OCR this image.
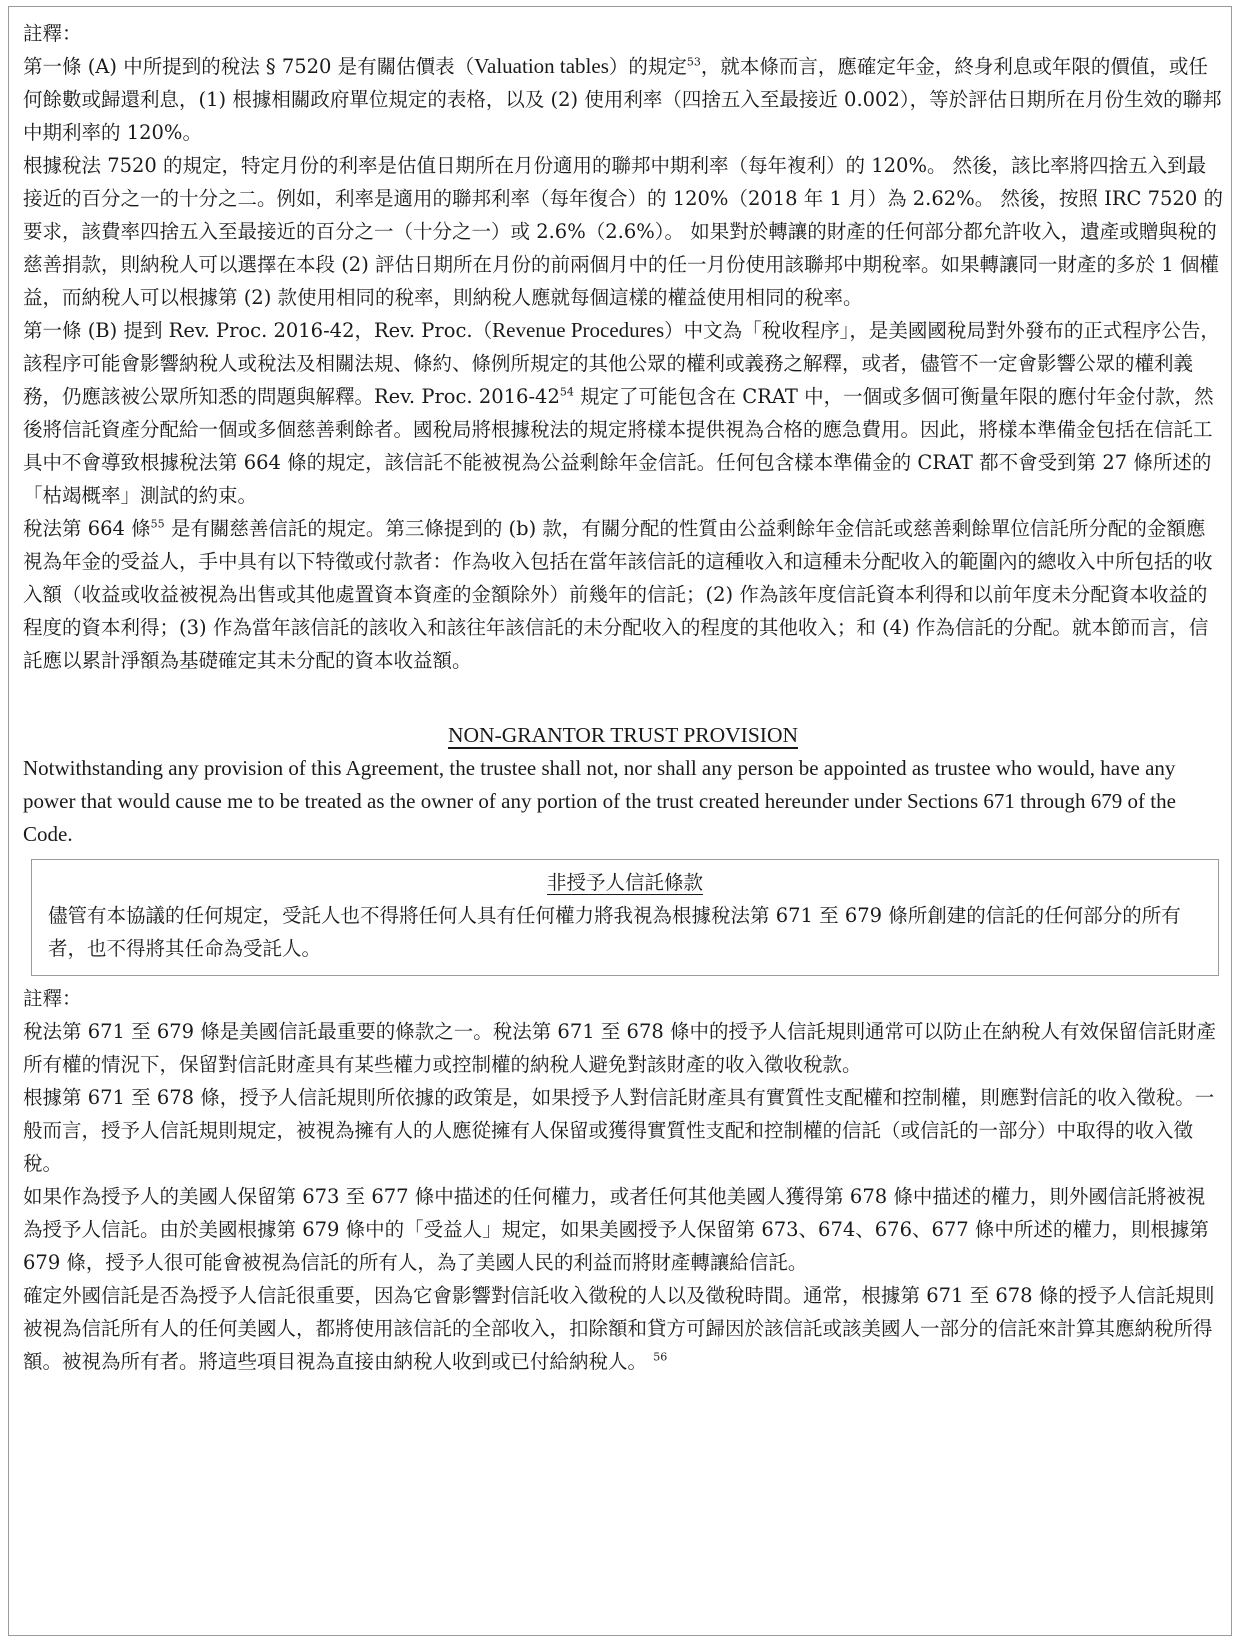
註釋：

第一條 (A) 中所提到的稅法 § 7520 是有關估價表（Valuation tables）的規定$^{53}$，就本條而言，應確定年金，終身利息或年限的價值，或任何餘數或歸還利息，(1) 根據相關政府單位規定的表格，以及 (2) 使用利率（四捨五入至最接近 0.002），等於評估日期所在月份生效的聯邦中期利率的 120%。

根據稅法 7520 的規定，特定月份的利率是估值日期所在月份適用的聯邦中期利率（每年複利）的 120%。 然後，該比率將四捨五入到最接近的百分之一的十分之二。例如，利率是適用的聯邦利率（每年復合）的 120%（2018 年 1 月）為 2.62%。 然後，按照 IRC 7520 的要求，該費率四捨五入至最接近的百分之一（十分之一）或 2.6%（2.6%）。 如果對於轉讓的財產的任何部分都允許收入，遺產或贈與稅的慈善捐款，則納稅人可以選擇在本段 (2) 評估日期所在月份的前兩個月中的任一月份使用該聯邦中期稅率。如果轉讓同一財產的多於 1 個權益，而納稅人可以根據第 (2) 款使用相同的稅率，則納稅人應就每個這樣的權益使用相同的稅率。

第一條 (B) 提到 Rev. Proc. 2016-42，Rev. Proc.（Revenue Procedures）中文為「稅收程序」，是美國國稅局對外發布的正式程序公告，該程序可能會影響納稅人或稅法及相關法規、條約、條例所規定的其他公眾的權利或義務之解釋，或者，儘管不一定會影響公眾的權利義務，仍應該被公眾所知悉的問題與解釋。Rev. Proc. $2016-42^{54}$ 規定了可能包含在 CRAT 中，一個或多個可衡量年限的應付年金付款，然後將信託資產分配給一個或多個慈善剩餘者。國稅局將根據稅法的規定將樣本提供視為合格的應急費用。因此，將樣本準備金包括在信託工具中不會導致根據稅法第 664 條的規定，該信託不能被視為公益剩餘年金信託。任何包含樣本準備金的 CRAT 都不會受到第 27 條所述的「枯竭概率」測試的約束。

稅法第 664 條$^{55}$ 是有關慈善信託的規定。第三條提到的 (b) 款，有關分配的性質由公益剩餘年金信託或慈善剩餘單位信託所分配的金額應視為年金的受益人，手中具有以下特徵或付款者：作為收入包括在當年該信託的這種收入和這種未分配收入的範圍內的總收入中所包括的收入額（收益或收益被視為出售或其他處置資本資產的金額除外）前幾年的信託；(2) 作為該年度信託資本利得和以前年度未分配資本收益的程度的資本利得；(3) 作為當年該信託的該收入和該往年該信託的未分配收入的程度的其他收入；和 (4) 作為信託的分配。就本節而言，信託應以累計淨額為基礎確定其未分配的資本收益額。

NON-GRANTOR TRUST PROVISION

Notwithstanding any provision of this Agreement, the trustee shall not, nor shall any person be appointed as trustee who would, have any power that would cause me to be treated as the owner of any portion of the trust created hereunder under Sections 671 through 679 of the Code.

非授予人信託條款

儘管有本協議的任何規定，受託人也不得將任何人具有任何權力將我視為根據稅法第 671 至 679 條所創建的信託的任何部分的所有者，也不得將其任命為受託人。

註釋：

稅法第 671 至 679 條是美國信託最重要的條款之一。稅法第 671 至 678 條中的授予人信託規則通常可以防止在納稅人有效保留信託財產所有權的情況下，保留對信託財產具有某些權力或控制權的納稅人避免對該財產的收入徵收稅款。

根據第 671 至 678 條，授予人信託規則所依據的政策是，如果授予人對信託財產具有實質性支配權和控制權，則應對信託的收入徵稅。一般而言，授予人信託規則規定，被視為擁有人的人應從擁有人保留或獲得實質性支配和控制權的信託（或信託的一部分）中取得的收入徵稅。

如果作為授予人的美國人保留第 673 至 677 條中描述的任何權力，或者任何其他美國人獲得第 678 條中描述的權力，則外國信託將被視為授予人信託。由於美國根據第 679 條中的「受益人」規定，如果美國授予人保留第 673、674、676、677 條中所述的權力，則根據第 679 條，授予人很可能會被視為信託的所有人，為了美國人民的利益而將財產轉讓給信託。

確定外國信託是否為授予人信託很重要，因為它會影響對信託收入徵稅的人以及徵稅時間。通常，根據第 671 至 678 條的授予人信託規則被視為信託所有人的任何美國人，都將使用該信託的全部收入，扣除額和貸方可歸因於該信託或該美國人一部分的信託來計算其應納稅所得額。被視為所有者。將這些項目視為直接由納稅人收到或已付給納稅人。 $^{56}$
